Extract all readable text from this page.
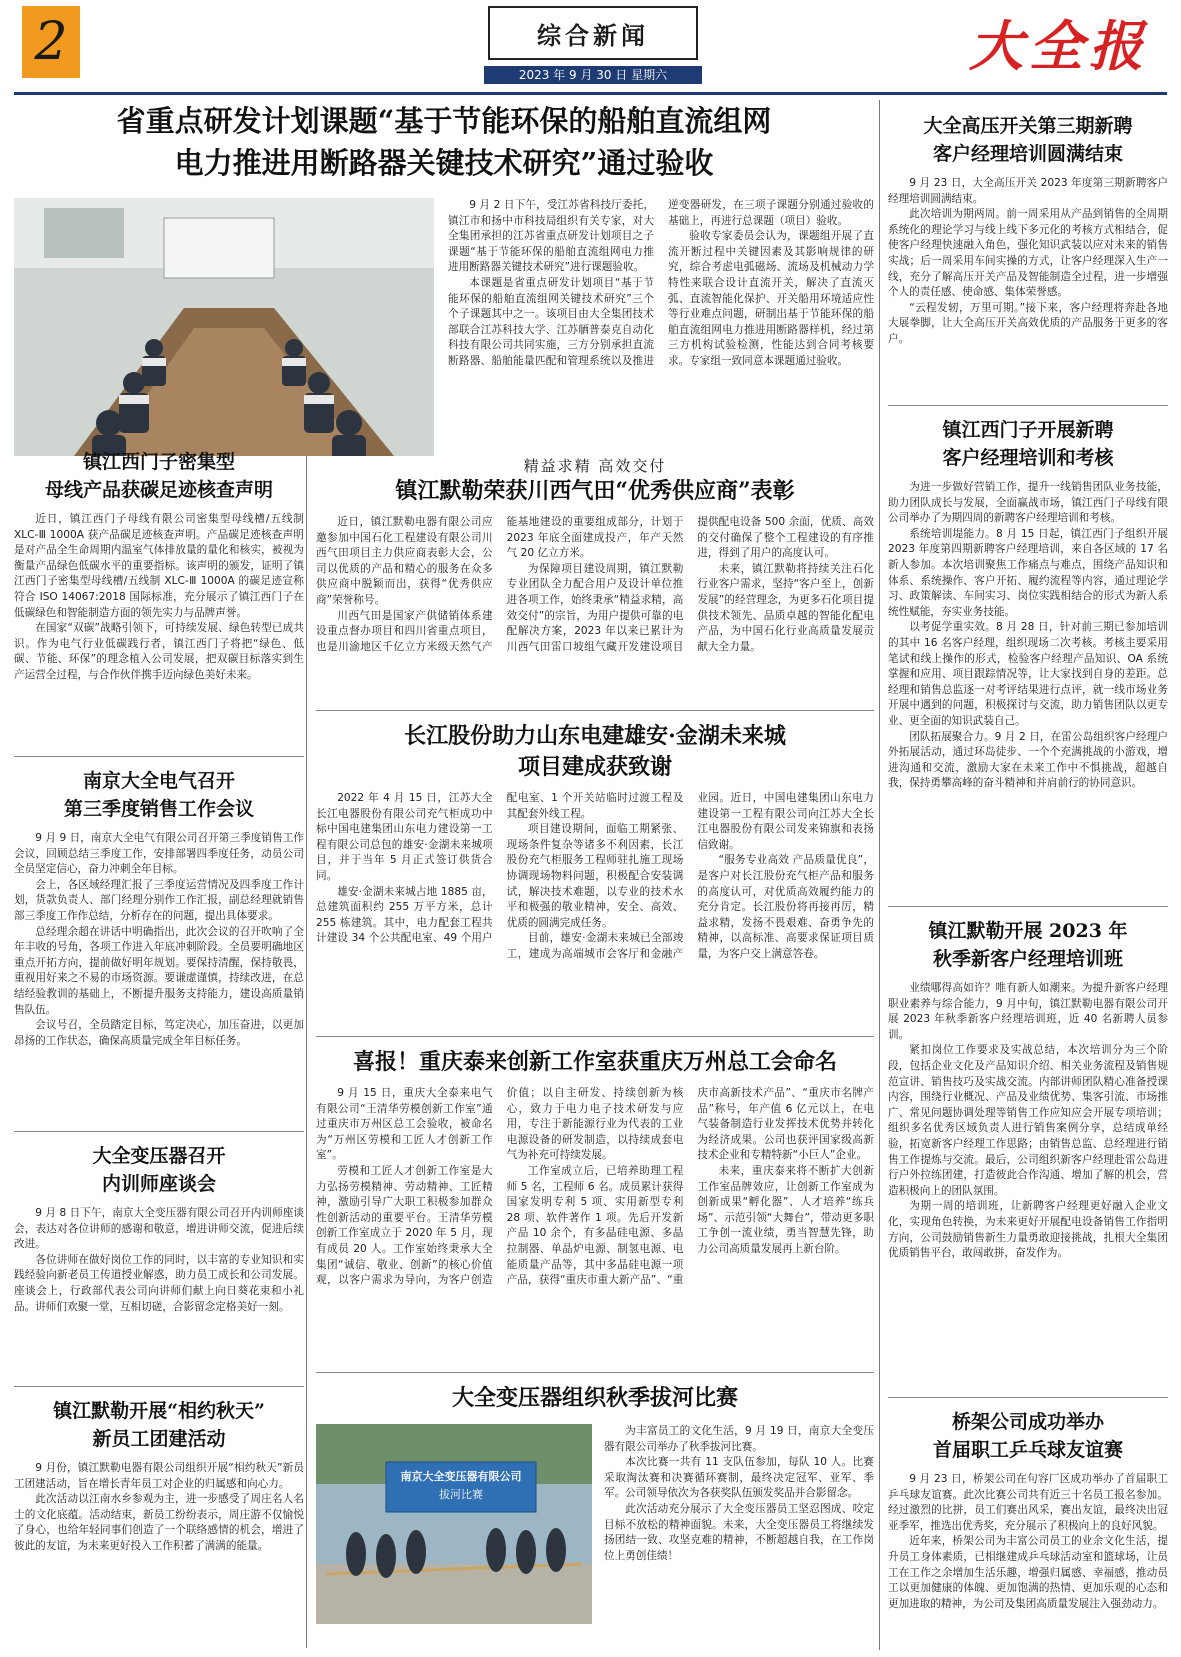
2	综合新闻
2023 年 9 月 30 日 星期六	大全报
省重点研发计划课题“基于节能环保的船舶直流组网
电力推进用断路器关键技术研究”通过验收

9 月 2 日下午，受江苏省科技厅委托，镇江市和扬中市科技局组织有关专家，对大全集团承担的江苏省重点研发计划项目之子课题“基于节能环保的船舶直流组网电力推进用断路器关键技术研究”进行课题验收。

本课题是省重点研发计划项目“基于节能环保的船舶直流组网关键技术研究”三个个子课题其中之一。该项目由大全集团技术部联合江苏科技大学、江苏舾普泰克自动化科技有限公司共同实施，三方分别承担直流断路器、船舶能量匹配和管理系统以及推进逆变器研发，在三项子课题分别通过验收的基础上，再进行总课题（项目）验收。

验收专家委员会认为，课题组开展了直流开断过程中关键因素及其影响规律的研究，综合考虑电弧磁场、流场及机械动力学特性来联合设计直流开关，解决了直流灭弧、直流智能化保护、开关船用环境适应性等行业难点问题，研制出基于节能环保的船舶直流组网电力推进用断路器样机，经过第三方机构试验检测，性能达到合同考核要求。专家组一致同意本课题通过验收。

镇江西门子密集型
母线产品获碳足迹核查声明

近日，镇江西门子母线有限公司密集型母线槽/五线制 XLC-Ⅲ 1000A 获产品碳足迹核查声明。产品碳足迹核查声明是对产品全生命周期内温室气体排放量的量化和核实，被视为衡量产品绿色低碳水平的重要指标。该声明的颁发，证明了镇江西门子密集型母线槽/五线制 XLC-Ⅲ 1000A 的碳足迹宣称符合 ISO 14067:2018 国际标准，充分展示了镇江西门子在低碳绿色和智能制造方面的领先实力与品牌声誉。

在国家“双碳”战略引领下，可持续发展、绿色转型已成共识。作为电气行业低碳践行者，镇江西门子将把“绿色、低碳、节能、环保”的理念植入公司发展，把双碳目标落实到生产运营全过程，与合作伙伴携手迈向绿色美好未来。

南京大全电气召开
第三季度销售工作会议

9 月 9 日，南京大全电气有限公司召开第三季度销售工作会议，回顾总结三季度工作，安排部署四季度任务，动员公司全员坚定信心，奋力冲刺全年目标。

会上，各区域经理汇报了三季度运营情况及四季度工作计划，货款负责人、部门经理分别作工作汇报，副总经理就销售部三季度工作作总结，分析存在的问题，提出具体要求。

总经理余超在讲话中明确指出，此次会议的召开吹响了全年丰收的号角，各项工作进入年底冲刺阶段。全员要明确地区重点开拓方向，提前做好明年规划。要保持清醒，保持敬畏，重视用好来之不易的市场资源。要谦虚谨慎，持续改进，在总结经验教训的基础上，不断提升服务支持能力，建设高质量销售队伍。

会议号召，全员踏定目标，笃定决心，加压奋进，以更加昂扬的工作状态，确保高质量完成全年目标任务。

大全变压器召开
内训师座谈会

9 月 8 日下午，南京大全变压器有限公司召开内训师座谈会，表达对各位讲师的感谢和敬意，增进讲师交流，促进后续改进。

各位讲师在做好岗位工作的同时，以丰富的专业知识和实践经验向新老员工传道授业解惑，助力员工成长和公司发展。座谈会上，行政部代表公司向讲师们献上向日葵花束和小礼品。讲师们欢聚一堂，互相切磋，合影留念定格美好一刻。

镇江默勒开展“相约秋天”
新员工团建活动

9 月份，镇江默勒电器有限公司组织开展“相约秋天”新员工团建活动，旨在增长青年员工对企业的归属感和向心力。

此次活动以江南水乡参观为主，进一步感受了周庄名人名士的文化底蕴。活动结束，新员工纷纷表示，周庄游不仅愉悦了身心，也给年轻同事们创造了一个联络感情的机会，增进了彼此的友谊，为未来更好投入工作积蓄了满满的能量。

精益求精 高效交付
镇江默勒荣获川西气田“优秀供应商”表彰

近日，镇江默勒电器有限公司应邀参加中国石化工程建设有限公司川西气田项目主力供应商表彰大会，公司以优质的产品和精心的服务在众多供应商中脱颖而出，获得“优秀供应商”荣誉称号。

川西气田是国家产供储销体系建设重点督办项目和四川省重点项目，也是川渝地区千亿立方米级天然气产能基地建设的重要组成部分，计划于 2023 年底全面建成投产，年产天然气 20 亿立方米。

为保障项目建设周期，镇江默勒专业团队全力配合用户及设计单位推进各项工作，始终秉承“精益求精，高效交付”的宗旨，为用户提供可靠的电配解决方案，2023 年以来已累计为川西气田雷口坡组气藏开发建设项目提供配电设备 500 余面，优质、高效的交付确保了整个工程建设的有序推进，得到了用户的高度认可。

未来，镇江默勒将持续关注石化行业客户需求，坚持“客户至上，创新发展”的经营理念，为更多石化项目提供技术领先、品质卓越的智能化配电产品，为中国石化行业高质量发展贡献大全力量。

长江股份助力山东电建雄安·金湖未来城
项目建成获致谢

2022 年 4 月 15 日，江苏大全长江电器股份有限公司充气柜成功中标中国电建集团山东电力建设第一工程有限公司总包的雄安·金湖未来城项目，并于当年 5 月正式签订供货合同。

雄安·金湖未来城占地 1885 亩，总建筑面积约 255 万平方米，总计 255 栋建筑。其中，电力配套工程共计建设 34 个公共配电室、49 个用户配电室、1 个开关站临时过渡工程及其配套外线工程。

项目建设期间，面临工期紧张、现场条件复杂等诸多不利因素，长江股份充气柜服务工程师驻扎施工现场协调现场物料问题，积极配合安装调试，解决技术难题，以专业的技术水平和极强的敬业精神，安全、高效、优质的圆满完成任务。

目前，雄安·金湖未来城已全部竣工，建成为高端城市会客厅和金融产业园。近日，中国电建集团山东电力建设第一工程有限公司向江苏大全长江电器股份有限公司发来锦旗和表扬信致谢。

“服务专业高效 产品质量优良”，是客户对长江股份充气柜产品和服务的高度认可，对优质高效履约能力的充分肯定。长江股份将再接再厉，精益求精，发扬不畏艰难、奋勇争先的精神，以高标准、高要求保证项目质量，为客户交上满意答卷。

喜报！重庆泰来创新工作室获重庆万州总工会命名

9 月 15 日，重庆大全泰来电气有限公司“王清华劳模创新工作室”通过重庆市万州区总工会验收，被命名为“万州区劳模和工匠人才创新工作室”。

劳模和工匠人才创新工作室是大力弘扬劳模精神、劳动精神、工匠精神，激励引导广大职工积极参加群众性创新活动的重要平台。王清华劳模创新工作室成立于 2020 年 5 月，现有成员 20 人。工作室始终秉承大全集团“诚信、敬业、创新”的核心价值观，以客户需求为导向，为客户创造价值；以自主研发、持续创新为核心，致力于电力电子技术研发与应用，专注于新能源行业为代表的工业电源设备的研发制造，以持续成套电气为补充可持续发展。

工作室成立后，已培养助理工程师 5 名，工程师 6 名。成员累计获得国家发明专利 5 项、实用新型专利 28 项、软件著作 1 项。先后开发新产品 10 余个，有多晶硅电源、多晶拉制器、单晶炉电源、制氢电源、电能质量产品等，其中多晶硅电源一项产品，获得“重庆市重大新产品”、“重庆市高新技术产品”、“重庆市名牌产品”称号，年产值 6 亿元以上，在电气装备制造行业发挥技术优势并转化为经济成果。公司也获评国家级高新技术企业和专精特新“小巨人”企业。

未来，重庆泰来将不断扩大创新工作室品牌效应，让创新工作室成为创新成果“孵化器”、人才培养“练兵场”、示范引领“大舞台”，带动更多职工争创一流业绩，勇当智慧先锋，助力公司高质量发展再上新台阶。

大全变压器组织秋季拔河比赛
南京大全变压器有限公司
拔河比赛

为丰富员工的文化生活，9 月 19 日，南京大全变压器有限公司举办了秋季拔河比赛。

本次比赛一共有 11 支队伍参加，每队 10 人。比赛采取淘汰赛和决赛循环赛制，最终决定冠军、亚军、季军。公司领导依次为各获奖队伍颁发奖品并合影留念。

此次活动充分展示了大全变压器员工坚忍图成、咬定目标不放松的精神面貌。未来，大全变压器员工将继续发扬团结一致、攻坚克难的精神，不断超越自我，在工作岗位上勇创佳绩！

大全高压开关第三期新聘
客户经理培训圆满结束

9 月 23 日，大全高压开关 2023 年度第三期新聘客户经理培训圆满结束。

此次培训为期两周。前一周采用从产品到销售的全周期系统化的理论学习与线上线下多元化的考核方式相结合，促使客户经理快速融入角色，强化知识武装以应对未来的销售实战；后一周采用车间实操的方式，让客户经理深入生产一线，充分了解高压开关产品及智能制造全过程，进一步增强个人的责任感、使命感、集体荣誉感。

“云程发轫，万里可期。”接下来，客户经理将奔赴各地大展拳脚，让大全高压开关高效优质的产品服务于更多的客户。

镇江西门子开展新聘
客户经理培训和考核

为进一步做好营销工作，提升一线销售团队业务技能，助力团队成长与发展，全面赢战市场，镇江西门子母线有限公司举办了为期四周的新聘客户经理培训和考核。

系统培训堤能力。8 月 15 日起，镇江西门子组织开展 2023 年度第四期新聘客户经理培训，来自各区域的 17 名新人参加。本次培训聚焦工作痛点与难点，围绕产品知识和体系、系统操作、客户开拓、履约流程等内容，通过理论学习、政策解读、车间实习、岗位实践相结合的形式为新人系统性赋能，夯实业务技能。

以考促学重实效。8 月 28 日，针对前三期已参加培训的其中 16 名客户经理，组织现场二次考核。考核主要采用笔试和线上操作的形式，检验客户经理产品知识、OA 系统掌握和应用、项目跟踪情况等，让大家找到自身的差距。总经理和销售总监逐一对考评结果进行点评，就一线市场业务开展中遇到的问题，积极探讨与交流，助力销售团队以更专业、更全面的知识武装自己。

团队拓展聚合力。9 月 2 日，在雷公岛组织客户经理户外拓展活动，通过环岛徒步、一个个充满挑战的小游戏，增进沟通和交流，激励大家在未来工作中不惧挑战，超越自我，保持勇攀高峰的奋斗精神和并肩前行的协同意识。

镇江默勒开展 2023 年
秋季新客户经理培训班

业绩哪得高如许？唯有新人如潮来。为提升新客户经理职业素养与综合能力，9 月中旬，镇江默勒电器有限公司开展 2023 年秋季新客户经理培训班，近 40 名新聘人员参训。

紧扣岗位工作要求及实战总结，本次培训分为三个阶段，包括企业文化及产品知识介绍、相关业务流程及销售规范宣讲、销售技巧及实战交流。内部讲师团队精心准备授课内容，围绕行业概况、产品及业绩优势、集客引流、市场推广、常见问题协调处理等销售工作应知应会开展专项培训；组织多名优秀区域负责人进行销售案例分享，总结成单经验，拓宽新客户经理工作思路；由销售总监、总经理进行销售工作提炼与交流。最后，公司组织新客户经理赴雷公岛进行户外拉练团建，打造彼此合作沟通、增加了解的机会，营造积极向上的团队氛围。

为期一周的培训班，让新聘客户经理更好融入企业文化，实现角色转换，为未来更好开展配电设备销售工作指明方向，公司鼓励销售新生力量勇敢迎接挑战，扎根大全集团优质销售平台，敢闯敢拼，奋发作为。

桥架公司成功举办
首届职工乒乓球友谊赛

9 月 23 日，桥架公司在句容厂区成功举办了首届职工乒乓球友谊赛。此次比赛公司共有近三十名员工报名参加。经过激烈的比拼，员工们赛出风采，赛出友谊，最终决出冠亚季军，推选出优秀奖，充分展示了积极向上的良好风貌。

近年来，桥架公司为丰富公司员工的业余文化生活，提升员工身体素质，已相继建成乒乓球活动室和篮球场，让员工在工作之余增加生活乐趣，增强归属感、幸福感，推动员工以更加健康的体魄、更加饱满的热情、更加乐观的心态和更加进取的精神，为公司及集团高质量发展注入强劲动力。
